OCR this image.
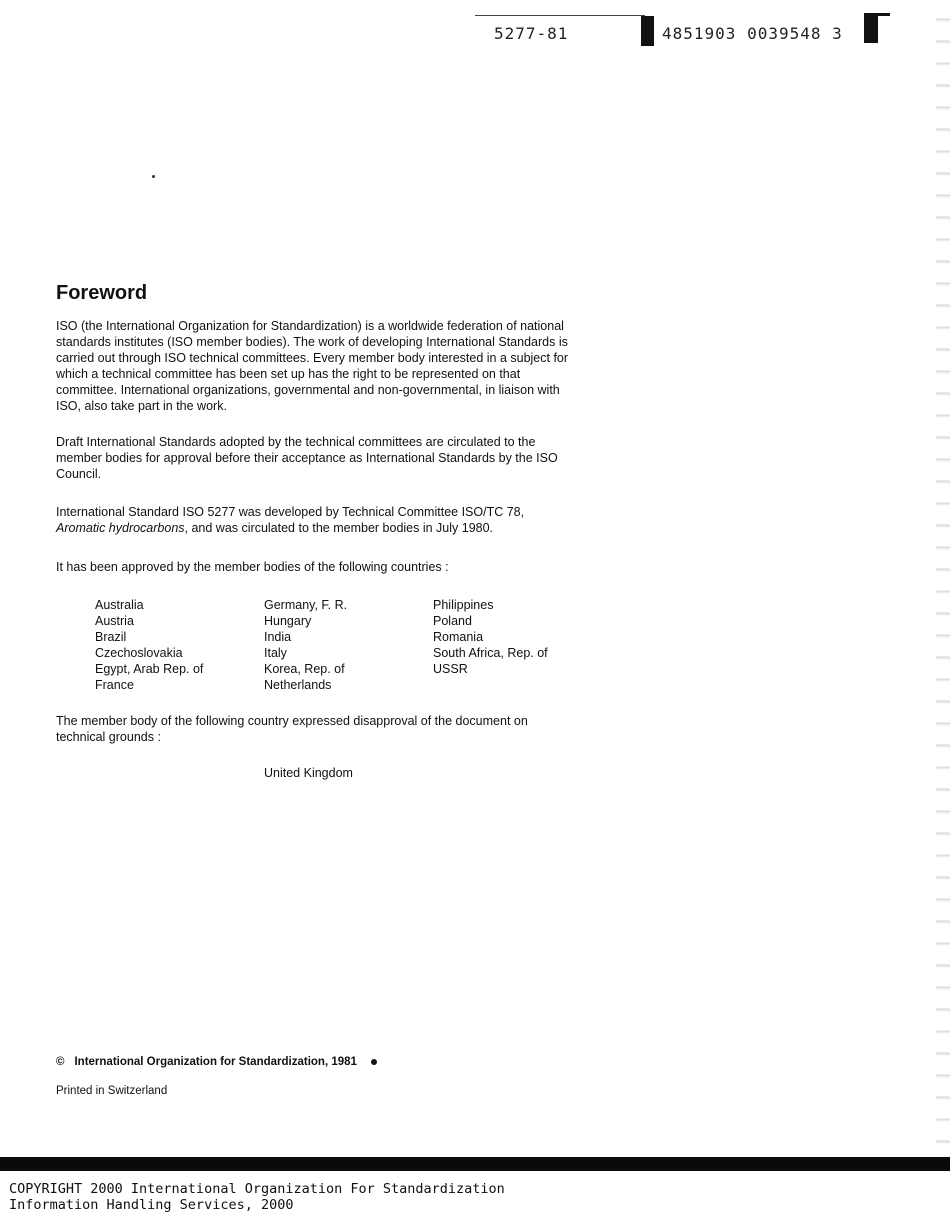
5277-81	4851903 0039548 3
Foreword

ISO (the International Organization for Standardization) is a worldwide federation of national standards institutes (ISO member bodies). The work of developing International Standards is carried out through ISO technical committees. Every member body interested in a subject for which a technical committee has been set up has the right to be represented on that committee. International organizations, governmental and non-governmental, in liaison with ISO, also take part in the work.

Draft International Standards adopted by the technical committees are circulated to the member bodies for approval before their acceptance as International Standards by the ISO Council.

International Standard ISO 5277 was developed by Technical Committee ISO/TC 78, Aromatic hydrocarbons, and was circulated to the member bodies in July 1980.

It has been approved by the member bodies of the following countries :

Australia
Austria
Brazil
Czechoslovakia
Egypt, Arab Rep. of
France
Germany, F. R.
Hungary
India
Italy
Korea, Rep. of
Netherlands
Philippines
Poland
Romania
South Africa, Rep. of
USSR

The member body of the following country expressed disapproval of the document on technical grounds :

United Kingdom
© International Organization for Standardization, 1981
Printed in Switzerland
COPYRIGHT 2000 International Organization For Standardization
Information Handling Services, 2000
